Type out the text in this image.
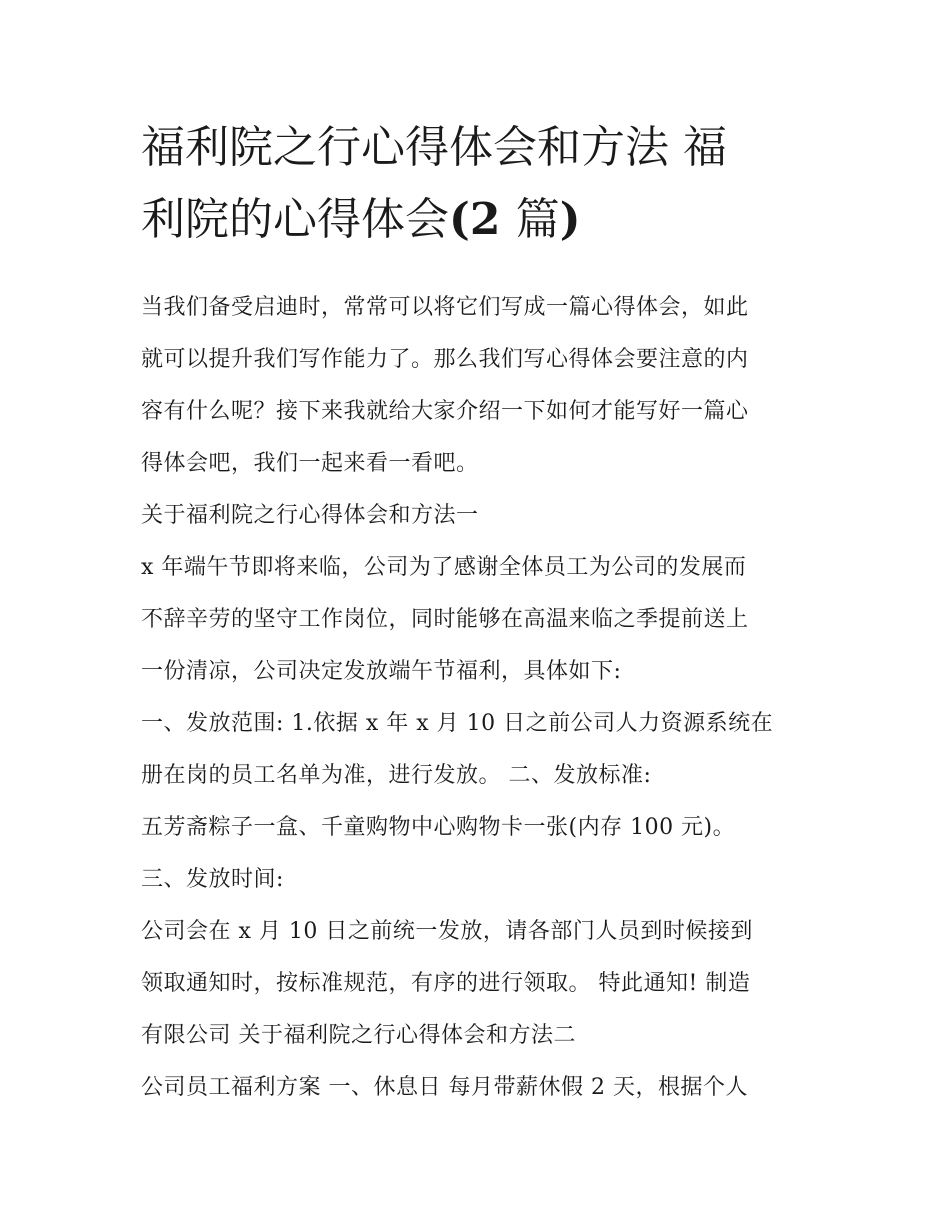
福利院之行心得体会和方法 福
利院的心得体会(2 篇)

当我们备受启迪时，常常可以将它们写成一篇心得体会，如此

就可以提升我们写作能力了。那么我们写心得体会要注意的内

容有什么呢？接下来我就给大家介绍一下如何才能写好一篇心

得体会吧，我们一起来看一看吧。

关于福利院之行心得体会和方法一

x 年端午节即将来临，公司为了感谢全体员工为公司的发展而

不辞辛劳的坚守工作岗位，同时能够在高温来临之季提前送上

一份清凉，公司决定发放端午节福利，具体如下:

一、发放范围: 1.依据 x 年 x 月 10 日之前公司人力资源系统在

册在岗的员工名单为准，进行发放。 二、发放标准:

五芳斋粽子一盒、千童购物中心购物卡一张(内存 100 元)。

三、发放时间:

公司会在 x 月 10 日之前统一发放，请各部门人员到时候接到

领取通知时，按标准规范，有序的进行领取。 特此通知! 制造

有限公司 关于福利院之行心得体会和方法二

公司员工福利方案 一、休息日 每月带薪休假 2 天，根据个人
